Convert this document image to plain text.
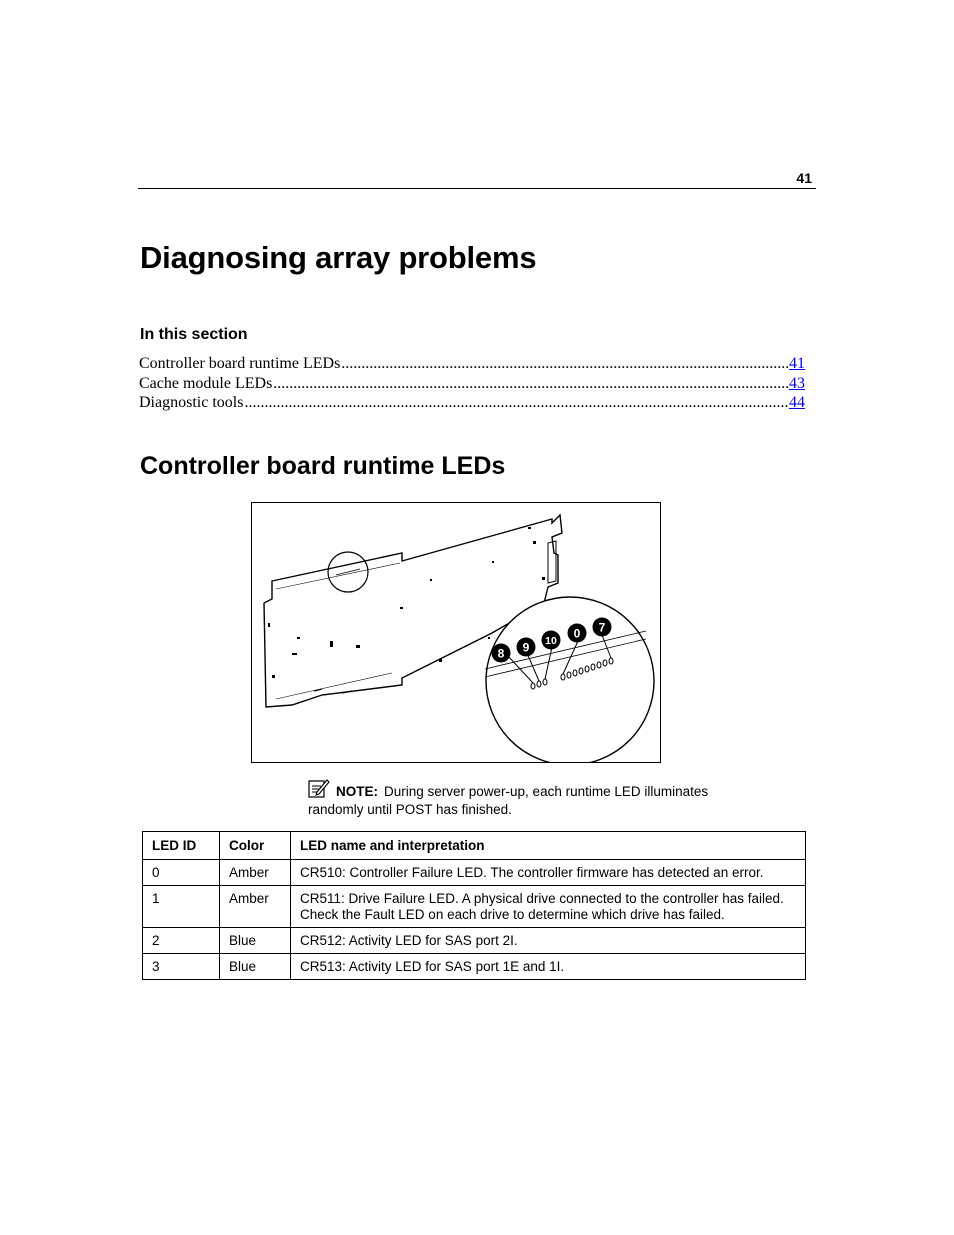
41
Diagnosing array problems
In this section
Controller board runtime LEDs .....	41
Cache module LEDs .....	43
Diagnostic tools .....	44
Controller board runtime LEDs
8 9 10
0 7
NOTE: During server power-up, each runtime LED illuminates randomly until POST has finished.
LED ID	Color	LED name and interpretation
0	Amber	CR510: Controller Failure LED. The controller firmware has detected an error.
1	Amber	CR511: Drive Failure LED. A physical drive connected to the controller has failed. Check the Fault LED on each drive to determine which drive has failed.
2	Blue	CR512: Activity LED for SAS port 2I.
3	Blue	CR513: Activity LED for SAS port 1E and 1I.
